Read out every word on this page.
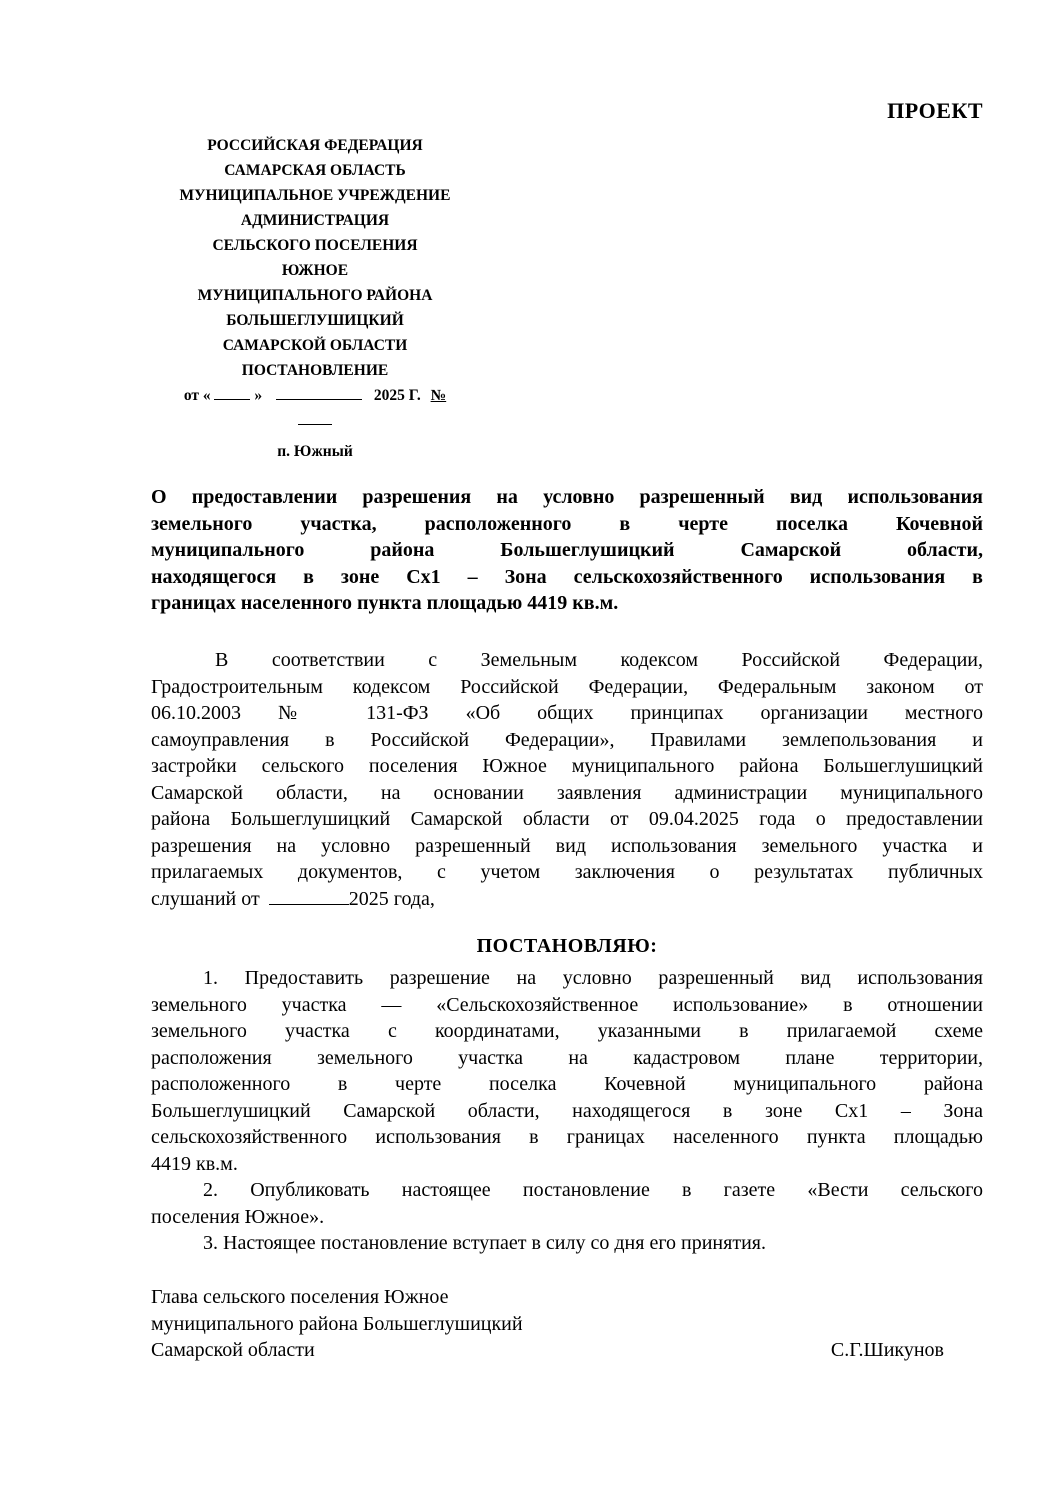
ПРОЕКТ
РОССИЙСКАЯ ФЕДЕРАЦИЯ
САМАРСКАЯ ОБЛАСТЬ
МУНИЦИПАЛЬНОЕ УЧРЕЖДЕНИЕ
АДМИНИСТРАЦИЯ
СЕЛЬСКОГО ПОСЕЛЕНИЯ
ЮЖНОЕ
МУНИЦИПАЛЬНОГО РАЙОНА
БОЛЬШЕГЛУШИЦКИЙ
САМАРСКОЙ ОБЛАСТИ
ПОСТАНОВЛЕНИЕ
от «	»	2025 Г. №
п. Южный
О предоставлении разрешения на условно разрешенный вид использования
земельного участка, расположенного в черте поселка Кочевной
муниципального района Большеглушицкий Самарской области,
находящегося в зоне Сх1 – Зона сельскохозяйственного использования в
границах населенного пункта площадью 4419 кв.м.
В соответствии с Земельным кодексом Российской Федерации,
Градостроительным кодексом Российской Федерации, Федеральным законом от
06.10.2003 № 131-ФЗ «Об общих принципах организации местного
самоуправления в Российской Федерации», Правилами землепользования и
застройки сельского поселения Южное муниципального района Большеглушицкий
Самарской области, на основании заявления администрации муниципального
района Большеглушицкий Самарской области от 09.04.2025 года о предоставлении
разрешения на условно разрешенный вид использования земельного участка и
прилагаемых документов, с учетом заключения о результатах публичных
слушаний от	2025 года,
ПОСТАНОВЛЯЮ:
1. Предоставить разрешение на условно разрешенный вид использования
земельного участка — «Сельскохозяйственное использование» в отношении
земельного участка с координатами, указанными в прилагаемой схеме
расположения земельного участка на кадастровом плане территории,
расположенного в черте поселка Кочевной муниципального района
Большеглушицкий Самарской области, находящегося в зоне Сх1 – Зона
сельскохозяйственного использования в границах населенного пункта площадью
4419 кв.м.
2. Опубликовать настоящее постановление в газете «Вести сельского
поселения Южное».
3. Настоящее постановление вступает в силу со дня его принятия.
Глава сельского поселения Южное
муниципального района Большеглушицкий
Самарской области	С.Г.Шикунов
